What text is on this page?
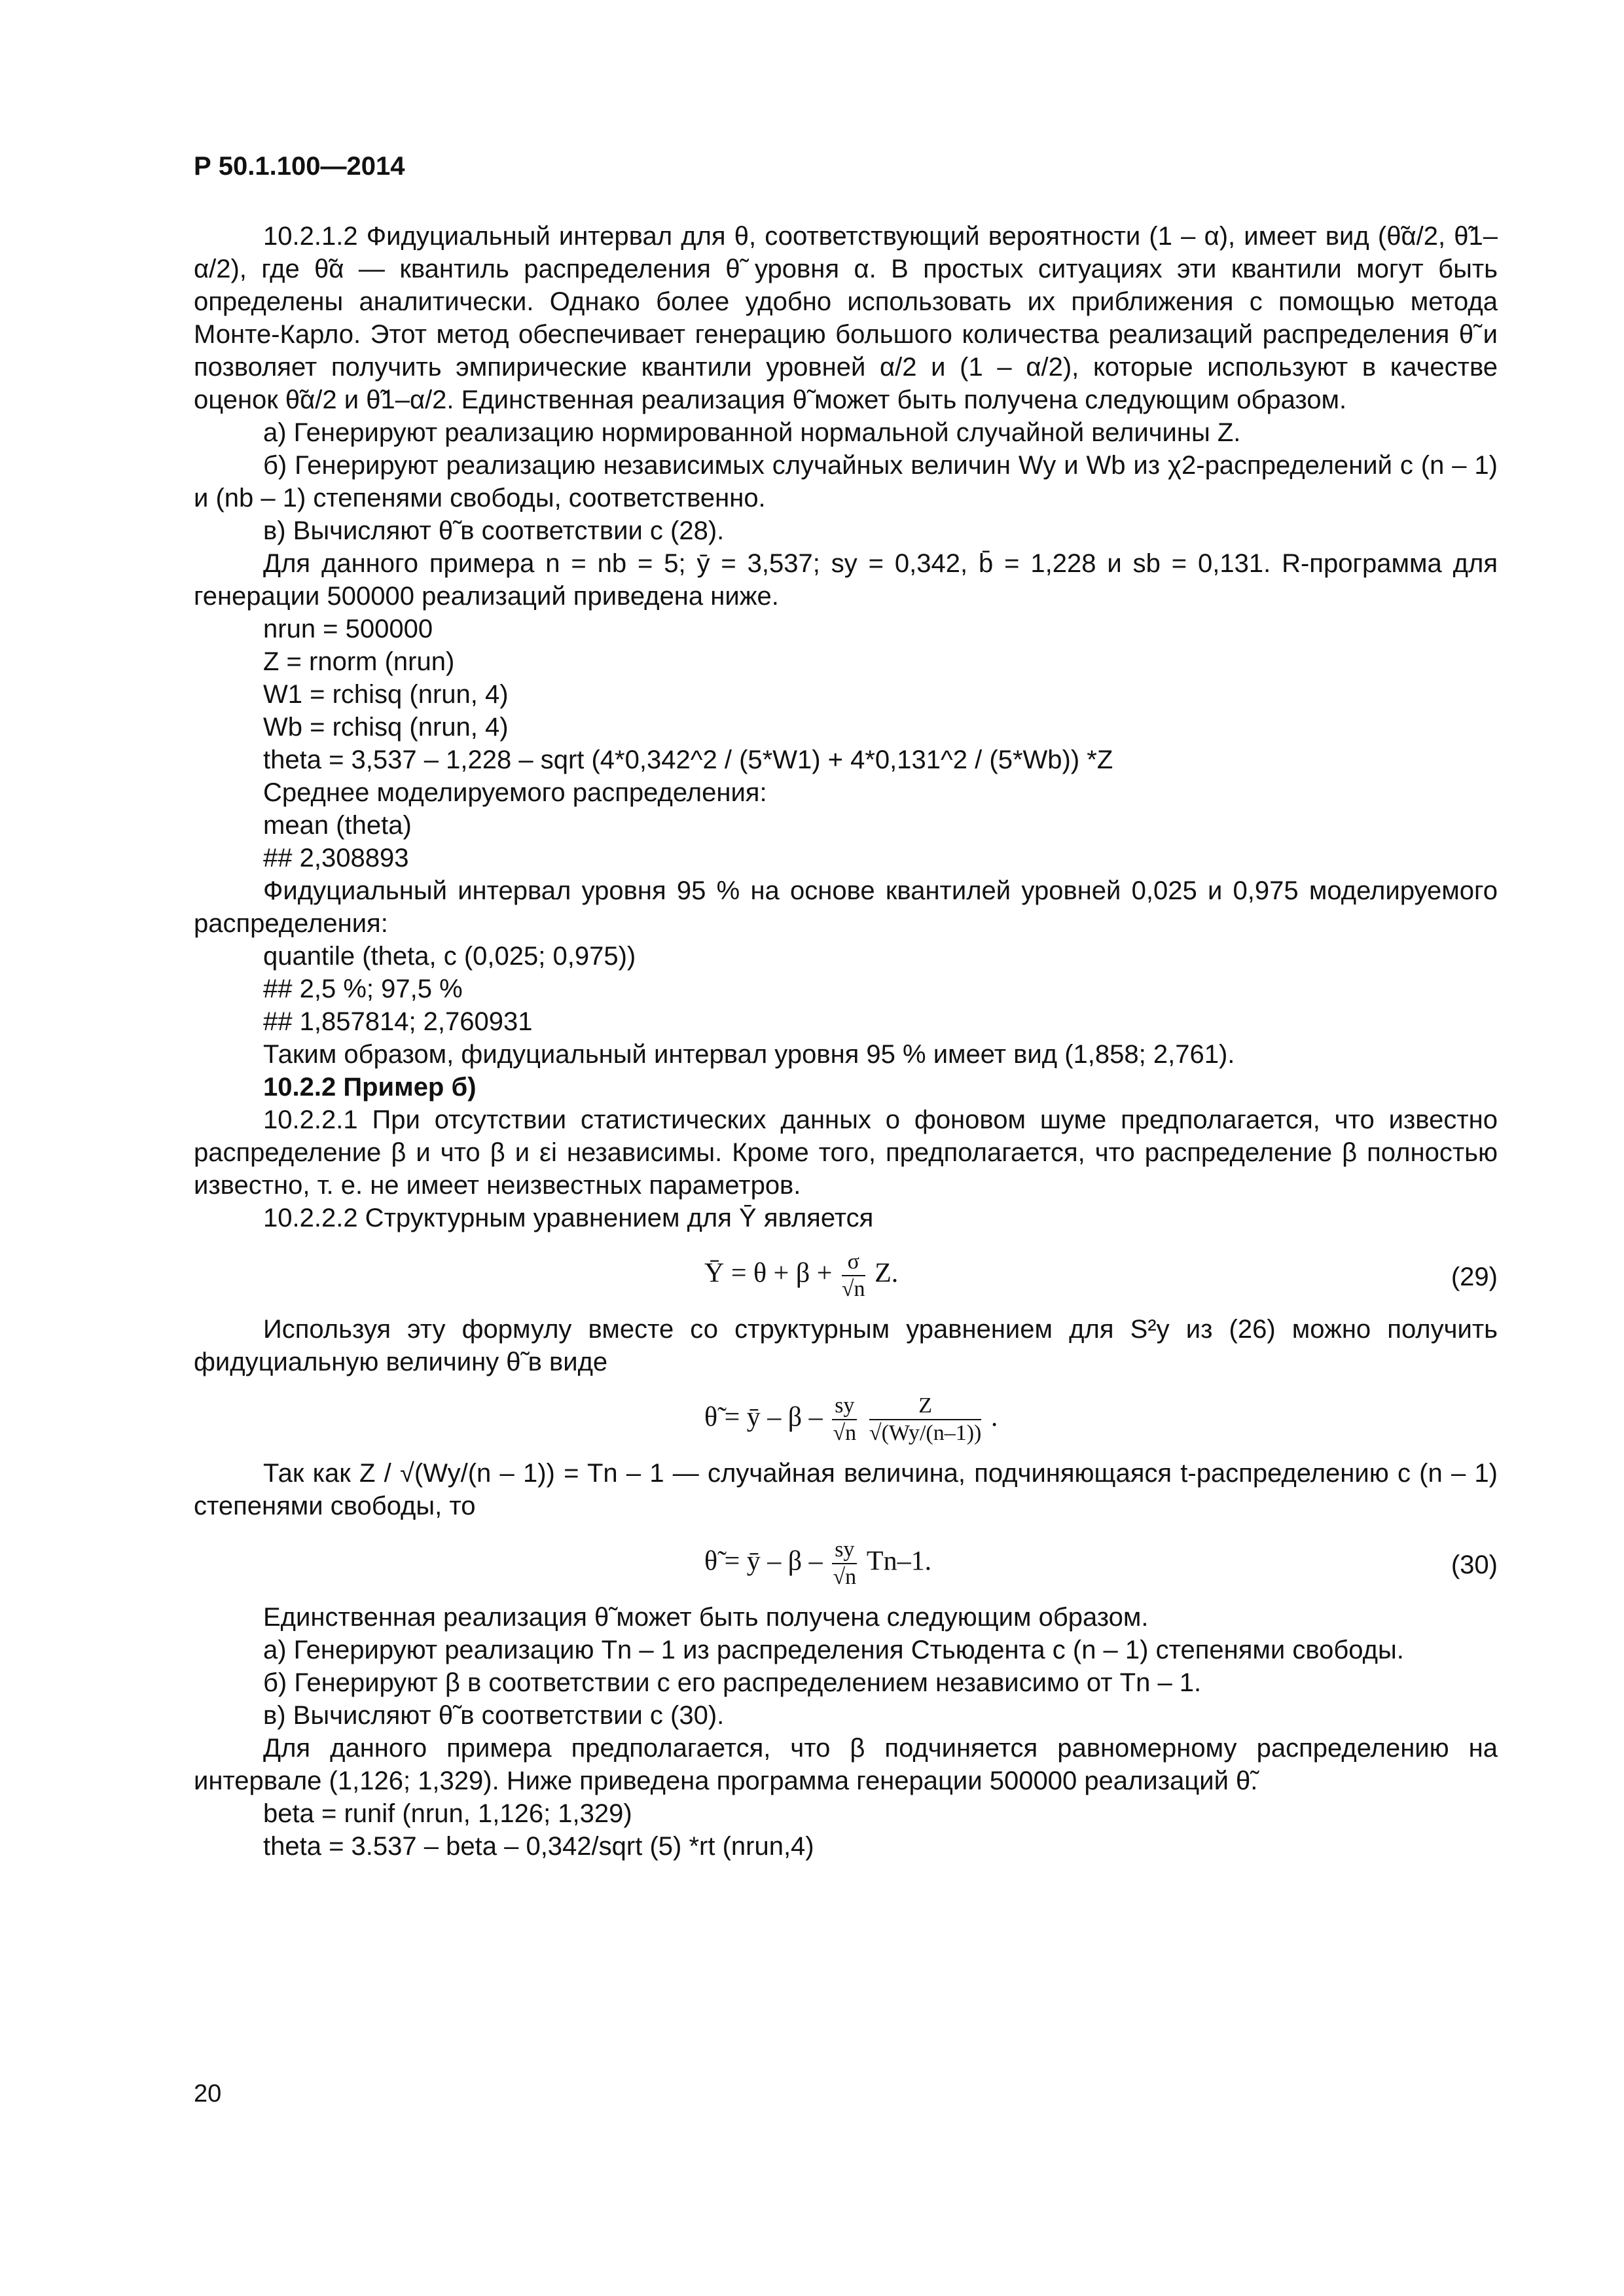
Р 50.1.100—2014

10.2.1.2 Фидуциальный интервал для θ, соответствующий вероятности (1 – α), имеет вид (θ̃α/2, θ̃1–α/2), где θ̃α — квантиль распределения θ̃ уровня α. В простых ситуациях эти квантили могут быть определены аналитически. Однако более удобно использовать их приближения с помощью метода Монте-Карло. Этот метод обеспечивает генерацию большого количества реализаций распределения θ̃ и позволяет получить эмпирические квантили уровней α/2 и (1 – α/2), которые используют в качестве оценок θ̃α/2 и θ̃1–α/2. Единственная реализация θ̃ может быть получена следующим образом.

а) Генерируют реализацию нормированной нормальной случайной величины Z.

б) Генерируют реализацию независимых случайных величин Wy и Wb из χ2-распределений с (n – 1) и (nb – 1) степенями свободы, соответственно.

в) Вычисляют θ̃ в соответствии с (28).

Для данного примера n = nb = 5; ȳ = 3,537; sy = 0,342, b̄ = 1,228 и sb = 0,131. R-программа для генерации 500000 реализаций приведена ниже.

nrun = 500000

Z = rnorm (nrun)

W1 = rchisq (nrun, 4)

Wb = rchisq (nrun, 4)

theta = 3,537 – 1,228 – sqrt (4*0,342^2 / (5*W1) + 4*0,131^2 / (5*Wb)) *Z

Среднее моделируемого распределения:

mean (theta)

## 2,308893

Фидуциальный интервал уровня 95 % на основе квантилей уровней 0,025 и 0,975 моделируемого распределения:

quantile (theta, c (0,025; 0,975))

## 2,5 %; 97,5 %

## 1,857814; 2,760931

Таким образом, фидуциальный интервал уровня 95 % имеет вид (1,858; 2,761).

10.2.2 Пример б)

10.2.2.1 При отсутствии статистических данных о фоновом шуме предполагается, что известно распределение β и что β и εi независимы. Кроме того, предполагается, что распределение β полностью известно, т. е. не имеет неизвестных параметров.

10.2.2.2 Структурным уравнением для Ȳ является

Ȳ = $\theta + \beta + \frac{\sigma}{√n} Z$.	(29)

Используя эту формулу вместе со структурным уравнением для S²y из (26) можно получить фидуциальную величину θ̃ в виде

θ̃ = ȳ – β – $\frac{sy}{√n}$
$\frac{Z}{√(Wy/(n-1))}$ .

Так как Z / √(Wy/(n – 1)) = Tn – 1 — случайная величина, подчиняющаяся t-распределению с (n – 1) степенями свободы, то

θ̃ = ȳ – β – $\frac{sy}{√n} Tn-1$.	(30)

Единственная реализация θ̃ может быть получена следующим образом.

а) Генерируют реализацию Tn – 1 из распределения Стьюдента с (n – 1) степенями свободы.

б) Генерируют β в соответствии с его распределением независимо от Tn – 1.

в) Вычисляют θ̃ в соответствии с (30).

Для данного примера предполагается, что β подчиняется равномерному распределению на интервале (1,126; 1,329). Ниже приведена программа генерации 500000 реализаций θ̃.

beta = runif (nrun, 1,126; 1,329)

theta = 3.537 – beta – 0,342/sqrt (5) *rt (nrun,4)

20
